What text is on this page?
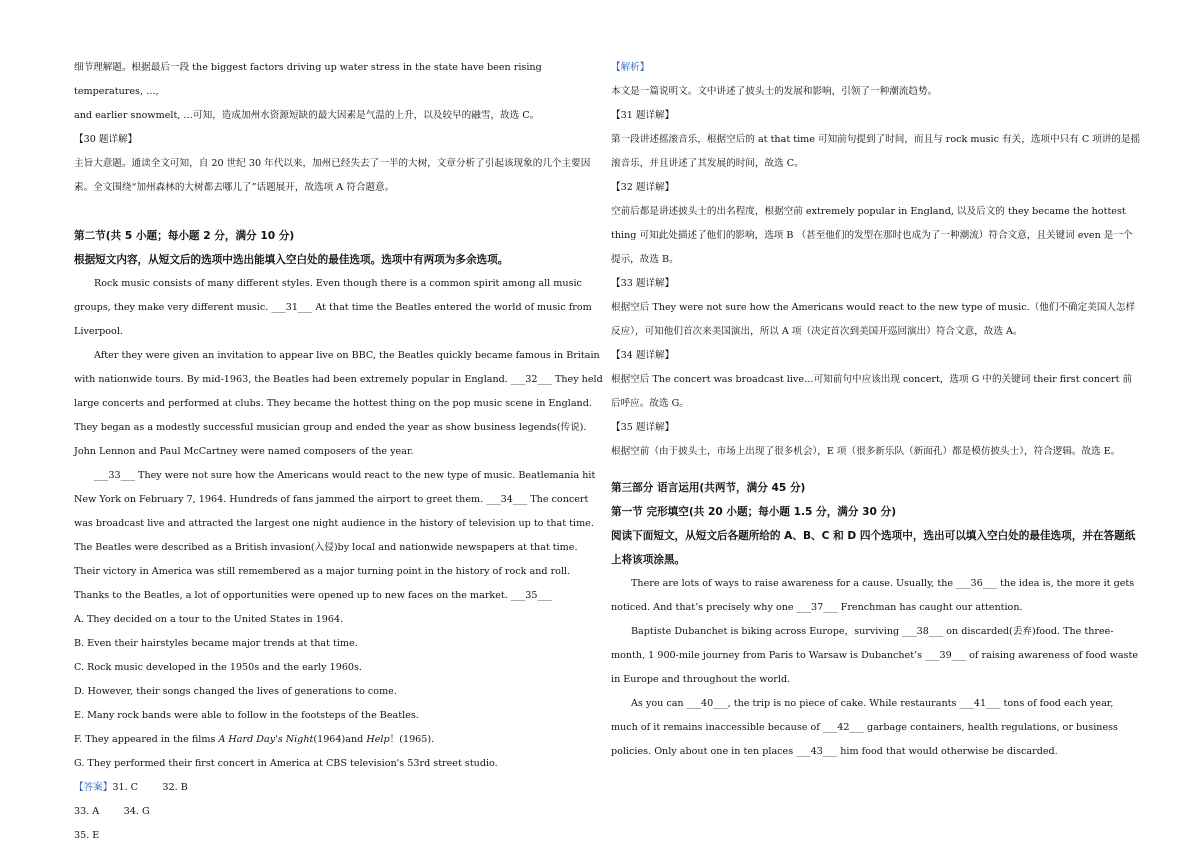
细节理解题。根据最后一段 the biggest factors driving up water stress in the state have been rising temperatures, …,
and earlier snowmelt, …可知，造成加州水资源短缺的最大因素是气温的上升，以及较早的融雪，故选 C。

【30 题详解】

主旨大意题。通读全文可知，自 20 世纪 30 年代以来，加州已经失去了一半的大树，文章分析了引起该现象的几个主要因素。全文围绕“加州森林的大树都去哪儿了”话题展开，故选项 A 符合题意。

第二节(共 5 小题；每小题 2 分，满分 10 分)

根据短文内容，从短文后的选项中选出能填入空白处的最佳选项。选项中有两项为多余选项。

Rock music consists of many different styles. Even though there is a common spirit among all music groups, they make very different music. ___31___ At that time the Beatles entered the world of music from Liverpool.

After they were given an invitation to appear live on BBC, the Beatles quickly became famous in Britain with nationwide tours. By mid-1963, the Beatles had been extremely popular in England. ___32___ They held large concerts and performed at clubs. They became the hottest thing on the pop music scene in England. They began as a modestly successful musician group and ended the year as show business legends(传说). John Lennon and Paul McCartney were named composers of the year.

___33___ They were not sure how the Americans would react to the new type of music. Beatlemania hit New York on February 7, 1964. Hundreds of fans jammed the airport to greet them. ___34___ The concert was broadcast live and attracted the largest one night audience in the history of television up to that time. The Beatles were described as a British invasion(入侵)by local and nationwide newspapers at that time. Their victory in America was still remembered as a major turning point in the history of rock and roll. Thanks to the Beatles, a lot of opportunities were opened up to new faces on the market. ___35___

A. They decided on a tour to the United States in 1964.

B. Even their hairstyles became major trends at that time.

C. Rock music developed in the 1950s and the early 1960s.

D. However, their songs changed the lives of generations to come.

E. Many rock bands were able to follow in the footsteps of the Beatles.

F. They appeared in the films A Hard Day's Night(1964)and Help！(1965).

G. They performed their first concert in America at CBS television's 53rd street studio.

【答案】31. C        32. B

33. A        34. G

35. E

【解析】

本文是一篇说明文。文中讲述了披头士的发展和影响，引领了一种潮流趋势。

【31 题详解】

第一段讲述摇滚音乐，根据空后的 at that time 可知前句提到了时间，而且与 rock music 有关，选项中只有 C 项讲的是摇滚音乐，并且讲述了其发展的时间，故选 C。

【32 题详解】

空前后都是讲述披头士的出名程度，根据空前 extremely popular in England, 以及后文的 they became the hottest thing 可知此处描述了他们的影响，选项 B （甚至他们的发型在那时也成为了一种潮流）符合文意，且关键词 even 是一个提示，故选 B。

【33 题详解】

根据空后 They were not sure how the Americans would react to the new type of music.（他们不确定美国人怎样反应），可知他们首次来美国演出，所以 A 项（决定首次到美国开巡回演出）符合文意，故选 A。

【34 题详解】

根据空后 The concert was broadcast live…可知前句中应该出现 concert，选项 G 中的关键词 their first concert 前后呼应。故选 G。

【35 题详解】

根据空前（由于披头士，市场上出现了很多机会），E 项（很多新乐队（新面孔）都是模仿披头士），符合逻辑。故选 E。

第三部分 语言运用(共两节，满分 45 分)

第一节 完形填空(共 20 小题；每小题 1.5 分，满分 30 分)

阅读下面短文，从短文后各题所给的 A、B、C 和 D 四个选项中，选出可以填入空白处的最佳选项，并在答题纸上将该项涂黑。

There are lots of ways to raise awareness for a cause. Usually, the ___36___ the idea is, the more it gets noticed. And that’s precisely why one ___37___ Frenchman has caught our attention.

Baptiste Dubanchet is biking across Europe，surviving ___38___ on discarded(丢弃)food. The three-month, 1 900-mile journey from Paris to Warsaw is Dubanchet’s ___39___ of raising awareness of food waste in Europe and throughout the world.

As you can ___40___, the trip is no piece of cake. While restaurants ___41___ tons of food each year, much of it remains inaccessible because of ___42___ garbage containers, health regulations, or business policies. Only about one in ten places ___43___ him food that would otherwise be discarded.
